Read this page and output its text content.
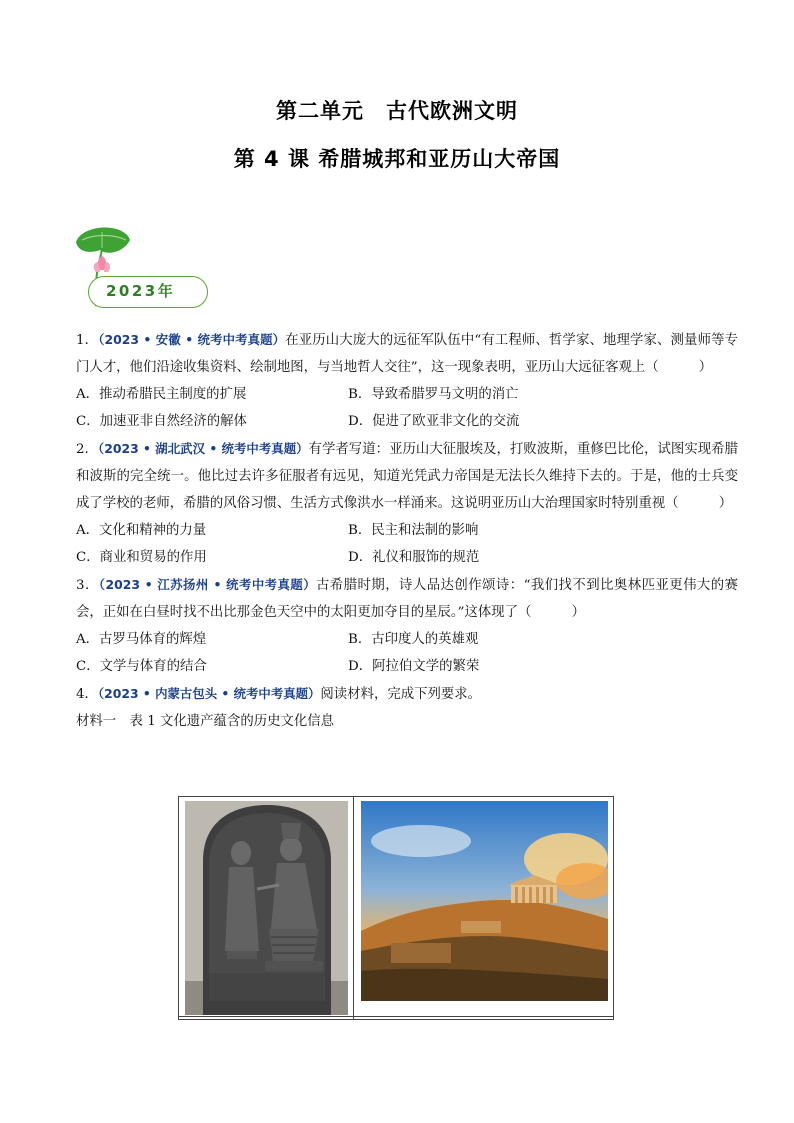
第二单元 古代欧洲文明
第 4 课 希腊城邦和亚历山大帝国
2023年

1．（2023 • 安徽 • 统考中考真题）在亚历山大庞大的远征军队伍中“有工程师、哲学家、地理学家、测量师等专门人才，他们沿途收集资料、绘制地图，与当地哲人交往”，这一现象表明，亚历山大远征客观上（　　　）

A．推动希腊民主制度的扩展	B．导致希腊罗马文明的消亡
C．加速亚非自然经济的解体	D．促进了欧亚非文化的交流

2．（2023 • 湖北武汉 • 统考中考真题）有学者写道：亚历山大征服埃及，打败波斯，重修巴比伦，试图实现希腊和波斯的完全统一。他比过去许多征服者有远见，知道光凭武力帝国是无法长久维持下去的。于是，他的士兵变成了学校的老师，希腊的风俗习惯、生活方式像洪水一样涌来。这说明亚历山大治理国家时特别重视（　　　）

A．文化和精神的力量	B．民主和法制的影响
C．商业和贸易的作用	D．礼仪和服饰的规范

3．（2023 • 江苏扬州 • 统考中考真题）古希腊时期，诗人品达创作颂诗：“我们找不到比奥林匹亚更伟大的赛会，正如在白昼时找不出比那金色天空中的太阳更加夺目的星辰。”这体现了（　　　）

A．古罗马体育的辉煌	B．古印度人的英雄观
C．文学与体育的结合	D．阿拉伯文学的繁荣

4．（2023 • 内蒙古包头 • 统考中考真题）阅读材料，完成下列要求。

材料一　表 1 文化遗产蕴含的历史文化信息
